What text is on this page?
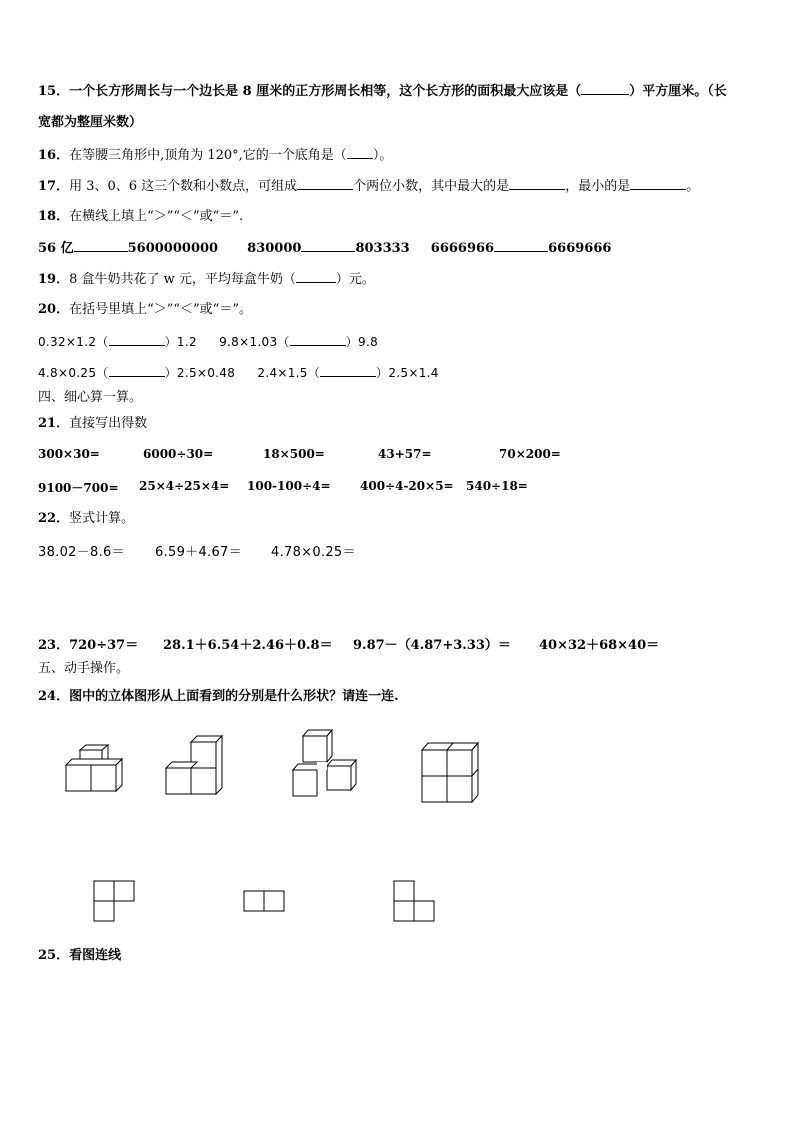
15．一个长方形周长与一个边长是 8 厘米的正方形周长相等，这个长方形的面积最大应该是（	）平方厘米。（长
宽都为整厘米数）
16．在等腰三角形中,顶角为 120°,它的一个底角是（ ）。
17．用 3、0、6 这三个数和小数点，可组成	个两位小数，其中最大的是	，最小的是	。
18．在横线上填上“＞”“＜”或“＝”.
56 亿	5600000000 830000	803333 6666966	6669666
19．8 盒牛奶共花了 w 元，平均每盒牛奶（	）元。
20．在括号里填上“＞”“＜”或“＝”。
0.32×1.2（	）1.2 9.8×1.03（	）9.8
4.8×0.25（	）2.5×0.48 2.4×1.5（	）2.5×1.4
四、细心算一算。
21．直接写出得数
300×30=	6000÷30=	18×500=	43+57=	70×200=
9100－700= 25×4÷25×4= 100-100÷4= 400÷4-20×5= 540÷18=
22．竖式计算。
38.02－8.6＝ 6.59＋4.67＝ 4.78×0.25＝
23．720÷37＝ 28.1＋6.54＋2.46＋0.8＝ 9.87－（4.87+3.33）＝ 40×32＋68×40＝
五、动手操作。
24．图中的立体图形从上面看到的分别是什么形状？请连一连.
25．看图连线
